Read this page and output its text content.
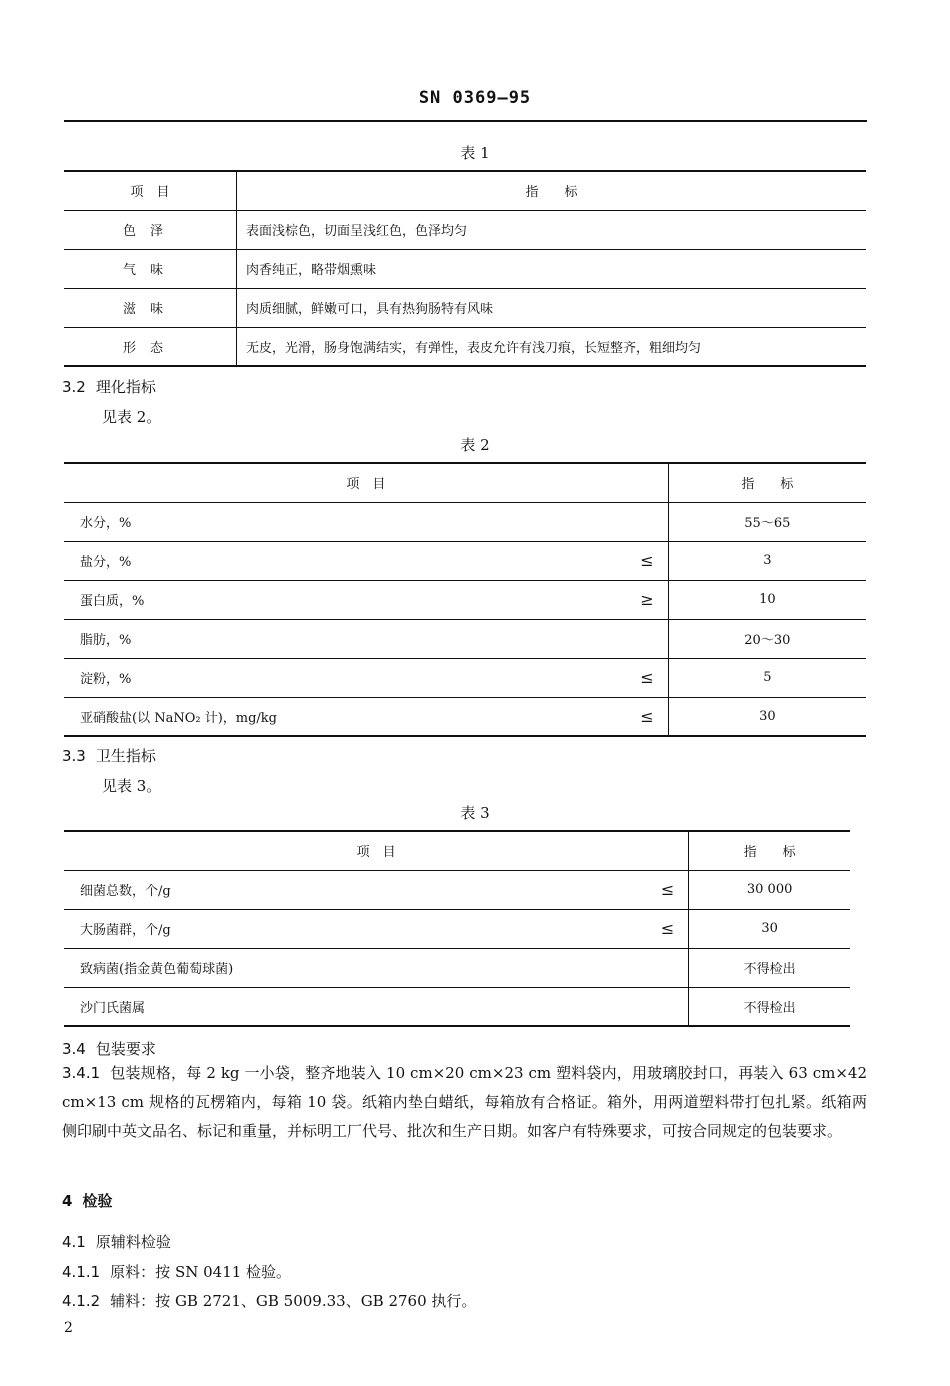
SN 0369—95
表 1
项　目	指　　标
色泽	表面浅棕色，切面呈浅红色，色泽均匀
气味	肉香纯正，略带烟熏味
滋味	肉质细腻，鲜嫩可口，具有热狗肠特有风味
形态	无皮，光滑，肠身饱满结实，有弹性，表皮允许有浅刀痕，长短整齐，粗细均匀
3.2 理化指标
见表 2。
表 2
项　目		指　　标
水分，%		55～65
盐分，%	≤	3
蛋白质，%	≥	10
脂肪，%		20～30
淀粉，%	≤	5
亚硝酸盐(以 NaNO₂ 计)，mg/kg	≤	30
3.3 卫生指标
见表 3。
表 3
项　目		指　　标
细菌总数，个/g	≤	30 000
大肠菌群，个/g	≤	30
致病菌(指金黄色葡萄球菌)		不得检出
沙门氏菌属		不得检出
3.4 包装要求
3.4.1 包装规格，每 2 kg 一小袋，整齐地装入 10 cm×20 cm×23 cm 塑料袋内，用玻璃胶封口，再装入 63 cm×42 cm×13 cm 规格的瓦楞箱内，每箱 10 袋。纸箱内垫白蜡纸，每箱放有合格证。箱外，用两道塑料带打包扎紧。纸箱两侧印刷中英文品名、标记和重量，并标明工厂代号、批次和生产日期。如客户有特殊要求，可按合同规定的包装要求。
4 检验
4.1 原辅料检验
4.1.1 原料：按 SN 0411 检验。
4.1.2 辅料：按 GB 2721、GB 5009.33、GB 2760 执行。
2
